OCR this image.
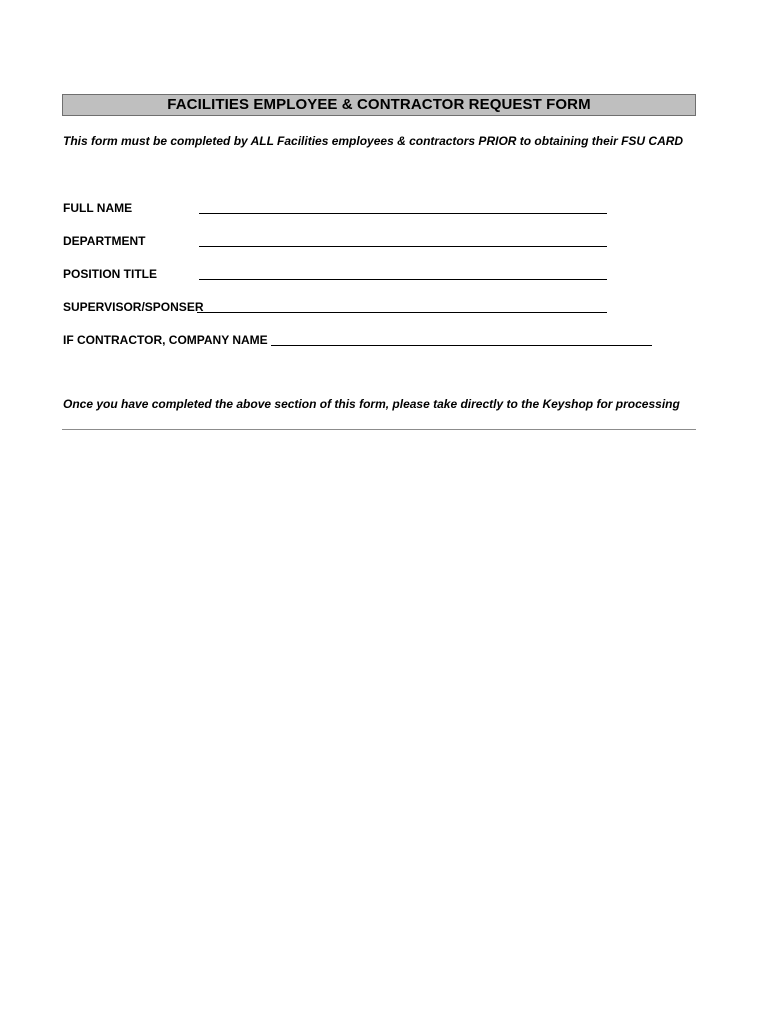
FACILITIES EMPLOYEE & CONTRACTOR REQUEST FORM
This form must be completed by ALL Facilities employees & contractors PRIOR to obtaining their FSU CARD
FULL NAME
DEPARTMENT
POSITION TITLE
SUPERVISOR/SPONSER
IF CONTRACTOR, COMPANY NAME
Once you have completed the above section of this form, please take directly to the Keyshop for processing
